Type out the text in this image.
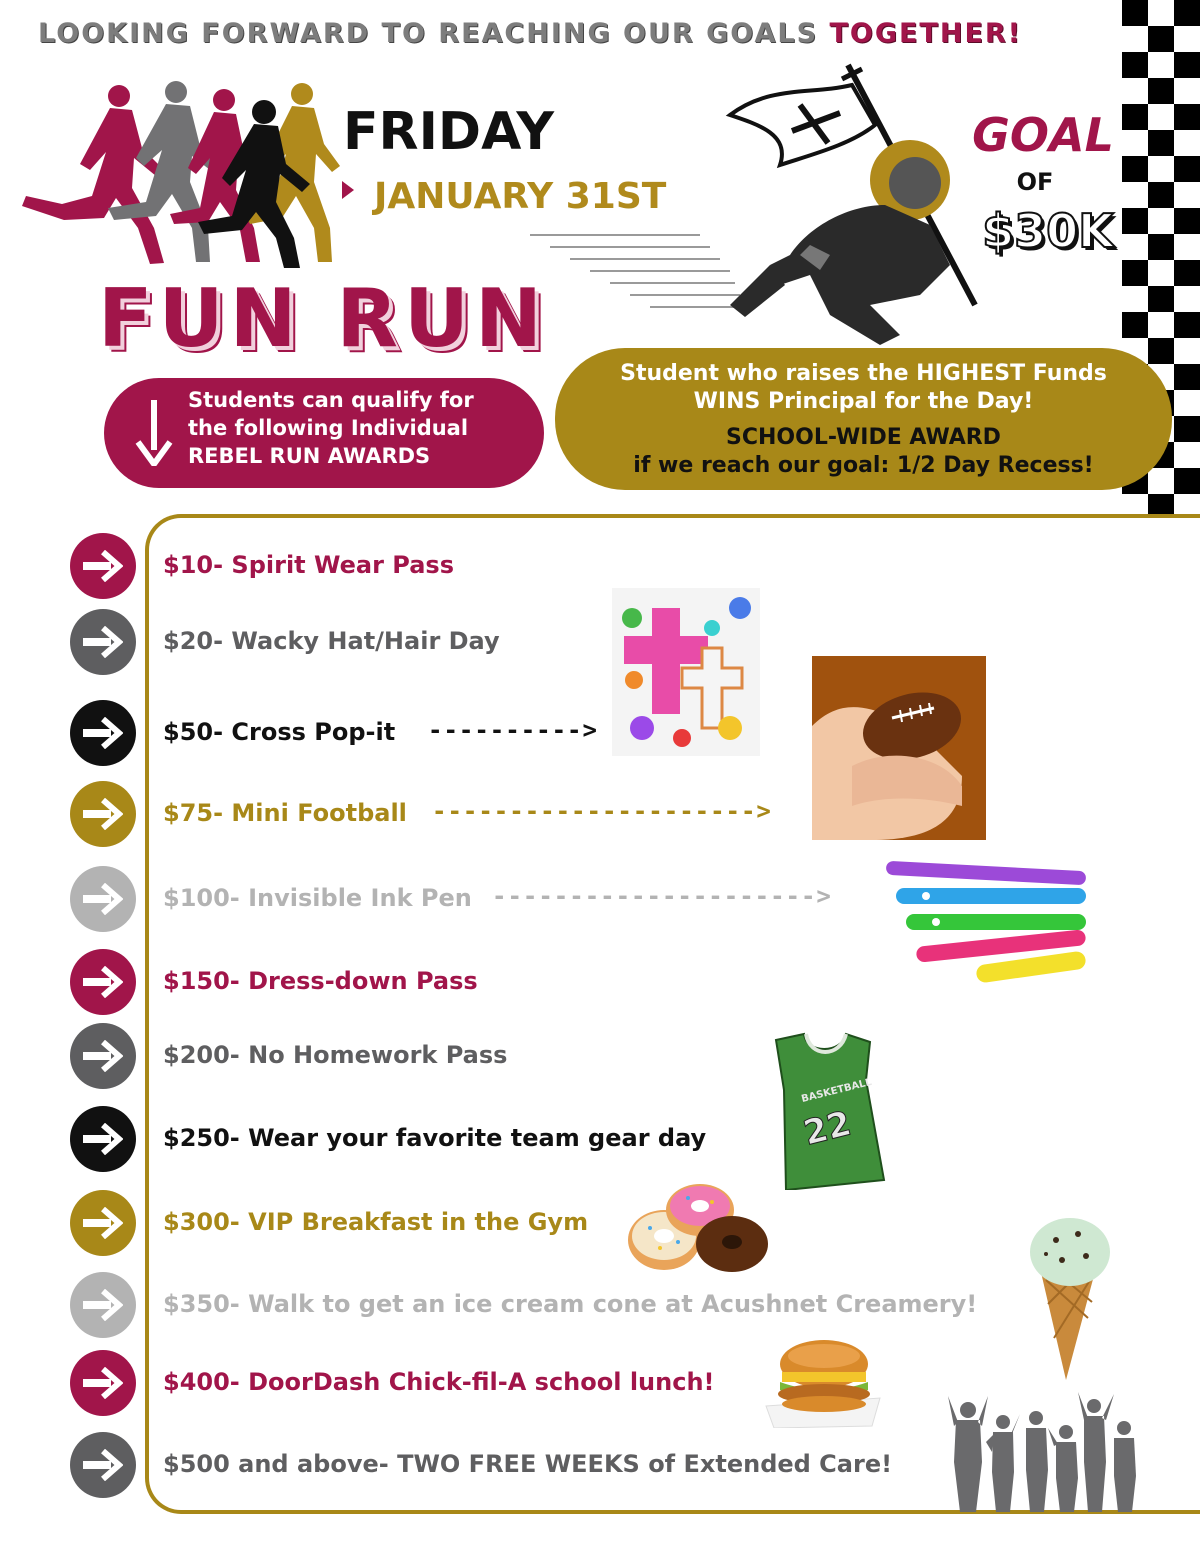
LOOKING FORWARD TO REACHING OUR GOALS TOGETHER!
FRIDAY
JANUARY 31ST
FUN RUN
GOAL
OF
$30K
Students can qualify for
the following Individual
REBEL RUN AWARDS
Student who raises the HIGHEST Funds
WINS Principal for the Day!
SCHOOL-WIDE AWARD
if we reach our goal: 1/2 Day Recess!
$10- Spirit Wear Pass
$20- Wacky Hat/Hair Day
$50- Cross Pop-it ---------->
$75- Mini Football --------------------->
$100- Invisible Ink Pen --------------------->
$150- Dress-down Pass
$200- No Homework Pass
$250- Wear your favorite team gear day
$300- VIP Breakfast in the Gym
$350- Walk to get an ice cream cone at Acushnet Creamery!
$400- DoorDash Chick-fil-A school lunch!
$500 and above- TWO FREE WEEKS of Extended Care!
BASKETBALL
22
